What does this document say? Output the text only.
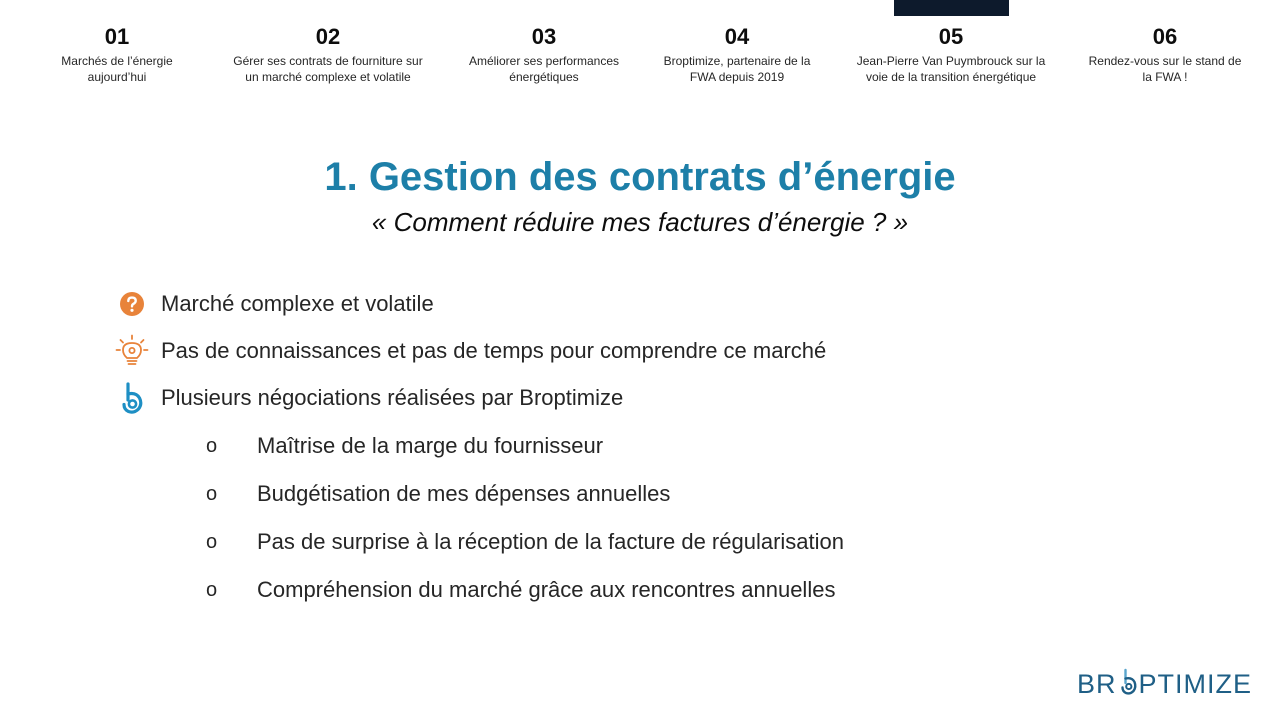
01
Marchés de l’énergie
aujourd’hui
02
Gérer ses contrats de fourniture sur
un marché complexe et volatile
03
Améliorer ses performances
énergétiques
04
Broptimize, partenaire de la
FWA depuis 2019
05
Jean-Pierre Van Puymbrouck sur la
voie de la transition énergétique
06
Rendez-vous sur le stand de
la FWA !
1. Gestion des contrats d’énergie
« Comment réduire mes factures d’énergie ? »
Marché complexe et volatile
Pas de connaissances et pas de temps pour comprendre ce marché
Plusieurs négociations réalisées par Broptimize
o	Maîtrise de la marge du fournisseur
o	Budgétisation de mes dépenses annuelles
o	Pas de surprise à la réception de la facture de régularisation
o	Compréhension du marché grâce aux rencontres annuelles
BR PTIMIZE
